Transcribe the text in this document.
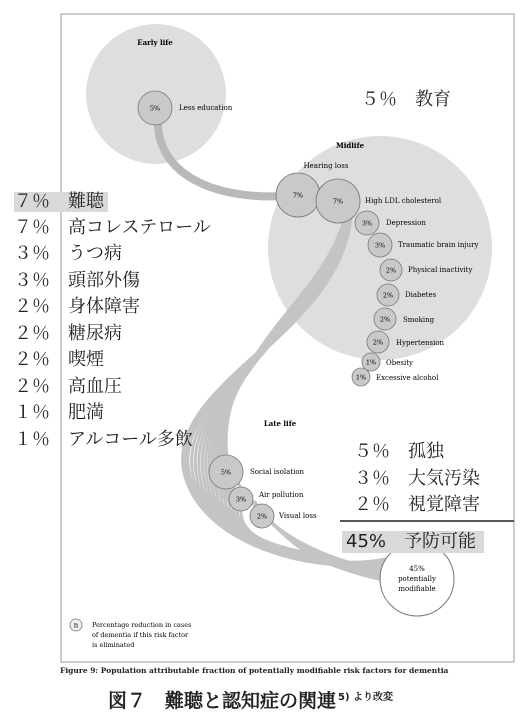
Early life
Midlife
Late life
5%	Less education
7%
Hearing loss
7%	High LDL cholesterol
3% Depression
3% Traumatic brain injury
2% Physical inactivity
2% Diabetes
2% Smoking
2% Hypertension
1% Obesity
1% Excessive alcohol
5%	Social isolation
3%
Air pollution
2% Visual loss
45%
potentially
modifiable
n Percentage reduction in cases
of dementia if this risk factor
is eliminated
５％　教育
７％　難聴
７％　高コレステロール
３％　うつ病
３％　頭部外傷
２％　身体障害
２％　糖尿病
２％　喫煙
２％　高血圧
１％　肥満
１％　アルコール多飲
５％　孤独
３％　大気汚染
２％　視覚障害
45%　予防可能
Figure 9: Population attributable fraction of potentially modifiable risk factors for dementia
図７　難聴と認知症の関連 $^{5) より改変}$
